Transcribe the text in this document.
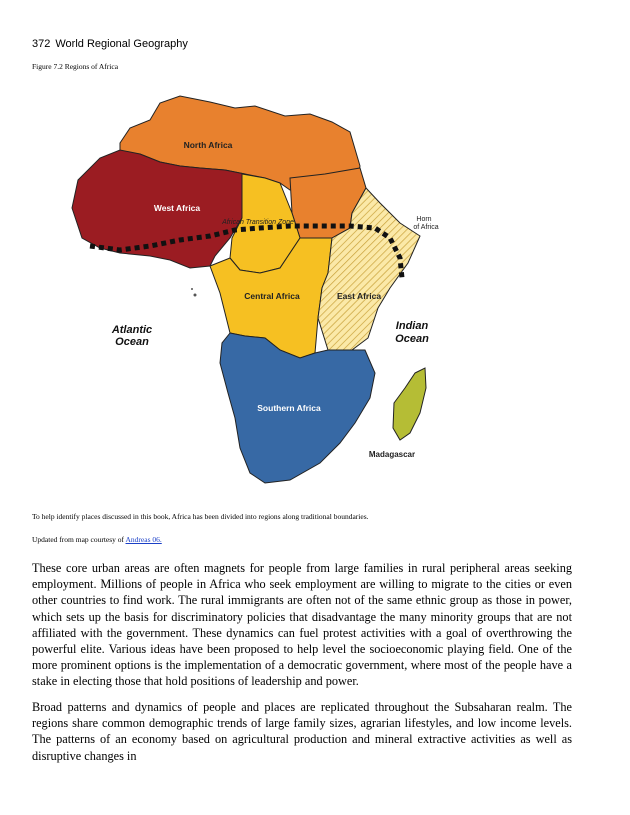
372 World Regional Geography
Figure 7.2 Regions of Africa
North Africa
West Africa
African Transition Zone
Central Africa	East Africa
Southern Africa
Horn
of Africa
Atlantic
Ocean
Indian
Ocean
Madagascar
To help identify places discussed in this book, Africa has been divided into regions along traditional boundaries.
Updated from map courtesy of Andreas 06.

These core urban areas are often magnets for people from large families in rural peripheral areas seeking employment. Millions of people in Africa who seek employment are willing to migrate to the cities or even other countries to find work. The rural immigrants are often not of the same ethnic group as those in power, which sets up the basis for discriminatory policies that disadvantage the many minority groups that are not affiliated with the government. These dynamics can fuel protest activities with a goal of overthrowing the powerful elite. Various ideas have been proposed to help level the socioeconomic playing field. One of the more prominent options is the implementation of a democratic government, where most of the people have a stake in electing those that hold positions of leadership and power.

Broad patterns and dynamics of people and places are replicated throughout the Subsaharan realm. The regions share common demographic trends of large family sizes, agrarian lifestyles, and low income levels. The patterns of an economy based on agricultural production and mineral extractive activities as well as disruptive changes in
